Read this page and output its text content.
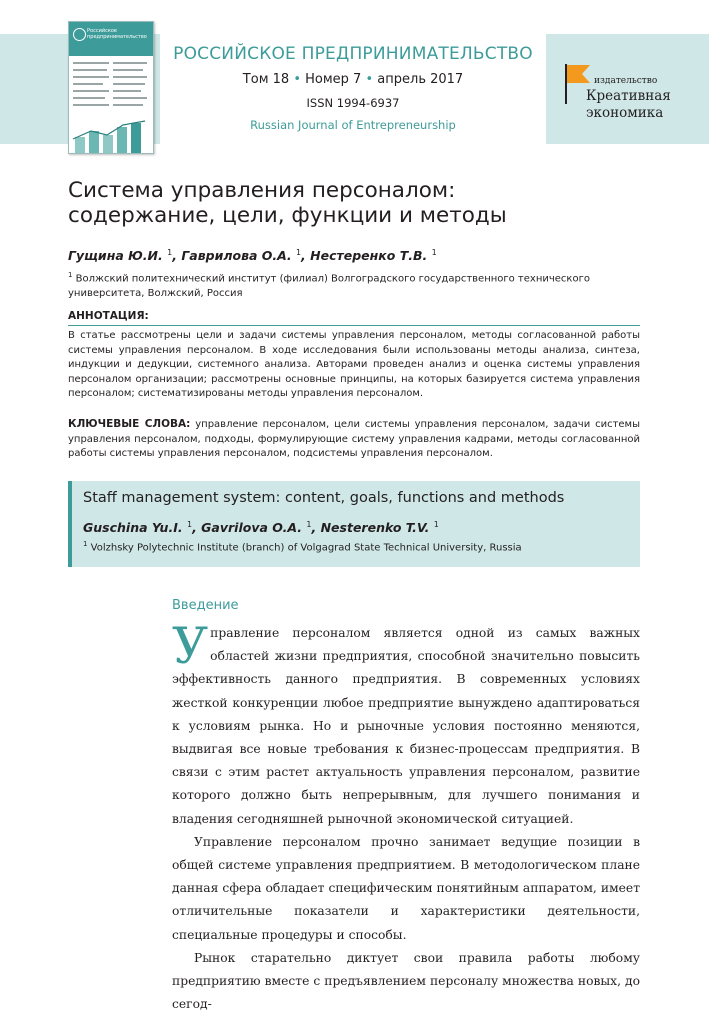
Российское предпринимательство
РОССИЙСКОЕ ПРЕДПРИНИМАТЕЛЬСТВО
Том 18 • Номер 7 • апрель 2017
ISSN 1994-6937
Russian Journal of Entrepreneurship
издательство
Креативная
экономика
Система управления персоналом:
содержание, цели, функции и методы
Гущина Ю.И. $^1$, Гаврилова О.А. $^1$, Нестеренко Т.В. $^1$
$^1$ Волжский политехнический институт (филиал) Волгоградского государственного технического университета, Волжский, Россия
АННОТАЦИЯ:
В статье рассмотрены цели и задачи системы управления персоналом, методы согласованной работы системы управления персоналом. В ходе исследования были использованы методы анализа, синтеза, индукции и дедукции, системного анализа. Авторами проведен анализ и оценка системы управления персоналом организации; рассмотрены основные принципы, на которых базируется система управления персоналом; систематизированы методы управления персоналом.
КЛЮЧЕВЫЕ СЛОВА: управление персоналом, цели системы управления персоналом, задачи системы управления персоналом, подходы, формулирующие систему управления кадрами, методы согласованной работы системы управления персоналом, подсистемы управления персоналом.
Staff management system: content, goals, functions and methods
Guschina Yu.I. $^1$, Gavrilova O.A. $^1$, Nesterenko T.V. $^1$
$^1$ Volzhsky Polytechnic Institute (branch) of Volgagrad State Technical University, Russia
Введение

Управление персоналом является одной из самых важных областей жизни предприятия, способной значительно повысить эффективность данного предприятия. В современных условиях жесткой конкуренции любое предприятие вынуждено адаптироваться к условиям рынка. Но и рыночные условия постоянно меняются, выдвигая все новые требования к бизнес-процессам предприятия. В связи с этим растет актуальность управления персоналом, развитие которого должно быть непрерывным, для лучшего понимания и владения сегодняшней рыночной экономической ситуацией.

Управление персоналом прочно занимает ведущие позиции в общей системе управления предприятием. В методологическом плане данная сфера обладает специфическим понятийным аппаратом, имеет отличительные показатели и характеристики деятельности, специальные процедуры и способы.

Рынок старательно диктует свои правила работы любому предприятию вместе с предъявлением персоналу множества новых, до сегод-
